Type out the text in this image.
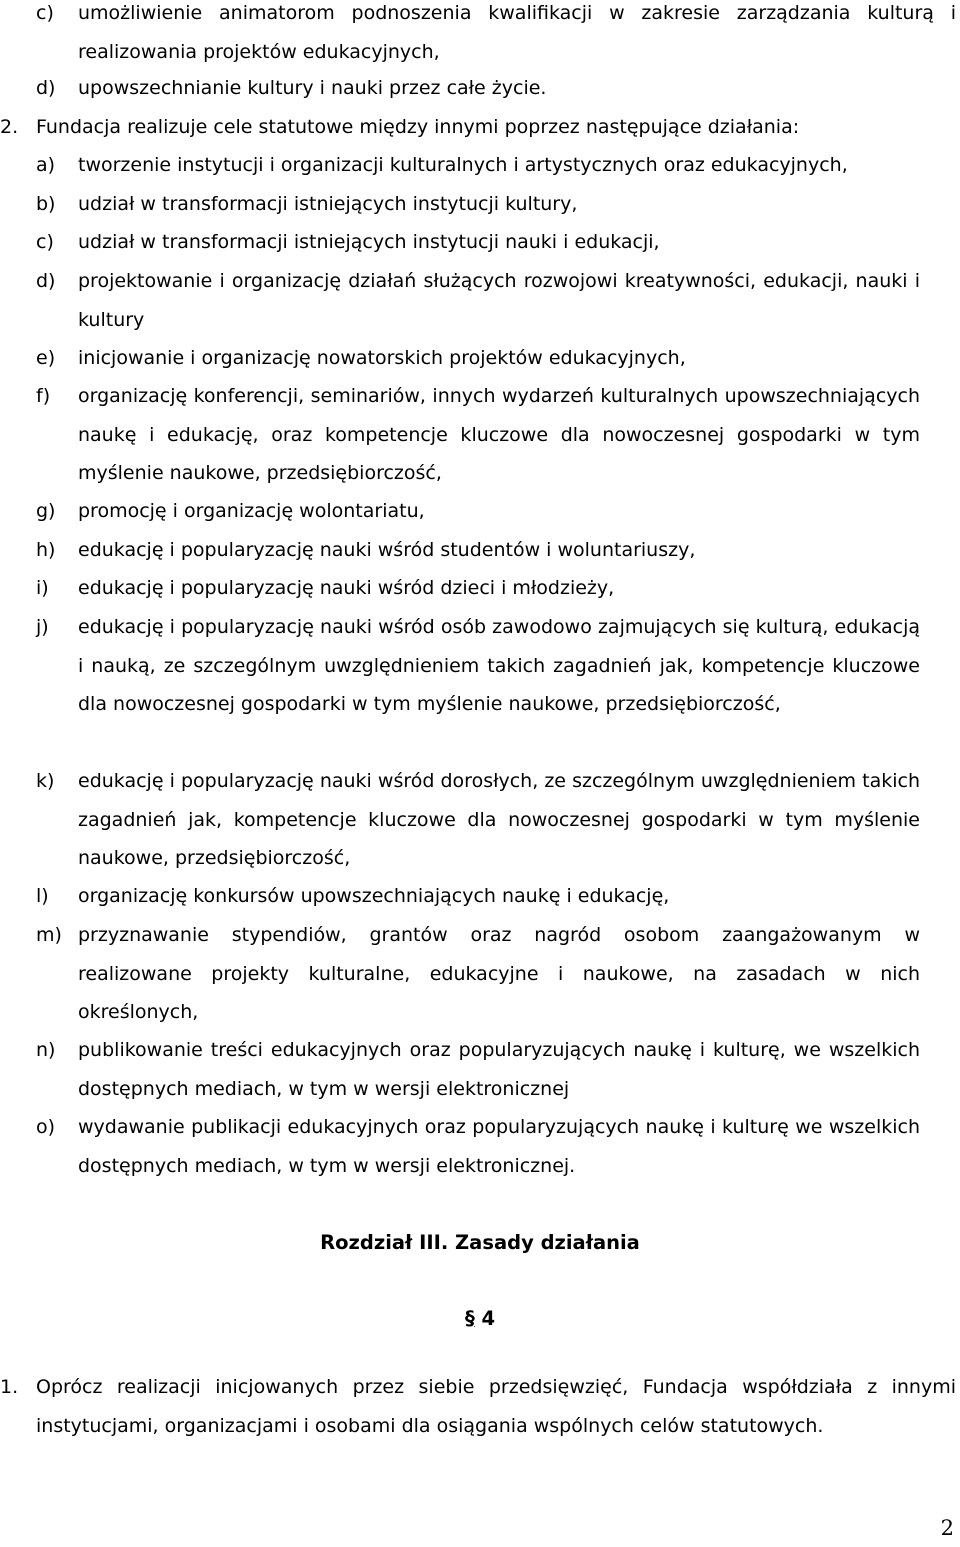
c)	umożliwienie animatorom podnoszenia kwalifikacji w zakresie zarządzania kulturą i realizowania projektów edukacyjnych,
d)	upowszechnianie kultury i nauki przez całe życie.
2. Fundacja realizuje cele statutowe między innymi poprzez następujące działania:
a)	tworzenie instytucji i organizacji kulturalnych i artystycznych oraz edukacyjnych,
b)	udział w transformacji istniejących instytucji kultury,
c)	udział w transformacji istniejących instytucji nauki i edukacji,
d)	projektowanie i organizację działań służących rozwojowi kreatywności, edukacji, nauki i kultury
e)	inicjowanie i organizację nowatorskich projektów edukacyjnych,
f)	organizację konferencji, seminariów, innych wydarzeń kulturalnych upowszechniających naukę i edukację, oraz kompetencje kluczowe dla nowoczesnej gospodarki w tym myślenie naukowe, przedsiębiorczość,
g)	promocję i organizację wolontariatu,
h)	edukację i popularyzację nauki wśród studentów i woluntariuszy,
i)	edukację i popularyzację nauki wśród dzieci i młodzieży,
j)	edukację i popularyzację nauki wśród osób zawodowo zajmujących się kulturą, edukacją i nauką, ze szczególnym uwzględnieniem takich zagadnień jak, kompetencje kluczowe dla nowoczesnej gospodarki w tym myślenie naukowe, przedsiębiorczość,
k)	edukację i popularyzację nauki wśród dorosłych, ze szczególnym uwzględnieniem takich zagadnień jak, kompetencje kluczowe dla nowoczesnej gospodarki w tym myślenie naukowe, przedsiębiorczość,
l)	organizację konkursów upowszechniających naukę i edukację,
m) przyznawanie stypendiów, grantów oraz nagród osobom zaangażowanym w realizowane projekty kulturalne, edukacyjne i naukowe, na zasadach w nich określonych,
n)	publikowanie treści edukacyjnych oraz popularyzujących naukę i kulturę, we wszelkich dostępnych mediach, w tym w wersji elektronicznej
o)	wydawanie publikacji edukacyjnych oraz popularyzujących naukę i kulturę we wszelkich dostępnych mediach, w tym w wersji elektronicznej.
Rozdział III. Zasady działania
§ 4
1. Oprócz realizacji inicjowanych przez siebie przedsięwzięć, Fundacja współdziała z innymi instytucjami, organizacjami i osobami dla osiągania wspólnych celów statutowych.
2
